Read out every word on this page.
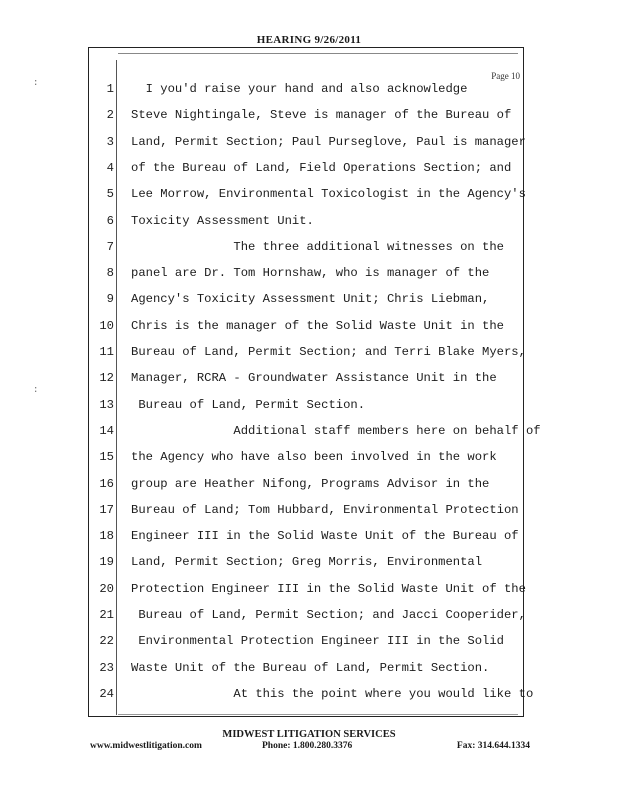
HEARING 9/26/2011
Page 10
:
:
1 I you'd raise your hand and also acknowledge
2 Steve Nightingale, Steve is manager of the Bureau of
3 Land, Permit Section; Paul Purseglove, Paul is manager
4 of the Bureau of Land, Field Operations Section; and
5 Lee Morrow, Environmental Toxicologist in the Agency's
6 Toxicity Assessment Unit.
7 The three additional witnesses on the
8 panel are Dr. Tom Hornshaw, who is manager of the
9 Agency's Toxicity Assessment Unit; Chris Liebman,
10 Chris is the manager of the Solid Waste Unit in the
11 Bureau of Land, Permit Section; and Terri Blake Myers,
12 Manager, RCRA - Groundwater Assistance Unit in the
13 Bureau of Land, Permit Section.
14 Additional staff members here on behalf of
15 the Agency who have also been involved in the work
16 group are Heather Nifong, Programs Advisor in the
17 Bureau of Land; Tom Hubbard, Environmental Protection
18 Engineer III in the Solid Waste Unit of the Bureau of
19 Land, Permit Section; Greg Morris, Environmental
20 Protection Engineer III in the Solid Waste Unit of the
21 Bureau of Land, Permit Section; and Jacci Cooperider,
22 Environmental Protection Engineer III in the Solid
23 Waste Unit of the Bureau of Land, Permit Section.
24 At this the point where you would like to
MIDWEST LITIGATION SERVICES
www.midwestlitigation.com	Phone: 1.800.280.3376	Fax: 314.644.1334
